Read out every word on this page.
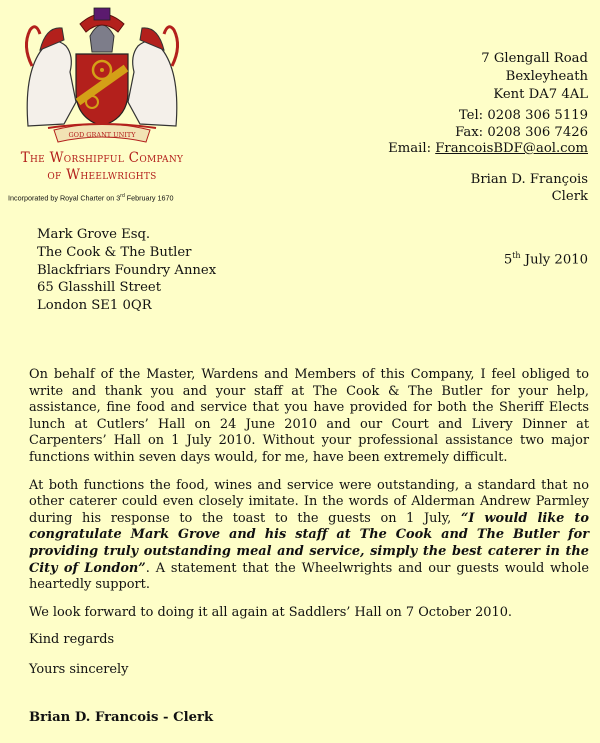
GOD GRANT UNITY
The Worshipful Company
of Wheelwrights
Incorporated by Royal Charter on 3rd February 1670
7 Glengall Road
Bexleyheath
Kent DA7 4AL
Tel: 0208 306 5119
Fax: 0208 306 7426
Email: FrancoisBDF@aol.com
Brian D. François
Clerk
Mark Grove Esq.
The Cook & The Butler
Blackfriars Foundry Annex
65 Glasshill Street
London SE1 0QR
5th July 2010

On behalf of the Master, Wardens and Members of this Company, I feel obliged to write and thank you and your staff at The Cook & The Butler for your help, assistance, fine food and service that you have provided for both the Sheriff Elects lunch at Cutlers’ Hall on 24 June 2010 and our Court and Livery Dinner at Carpenters’ Hall on 1 July 2010. Without your professional assistance two major functions within seven days would, for me, have been extremely difficult.

At both functions the food, wines and service were outstanding, a standard that no other caterer could even closely imitate. In the words of Alderman Andrew Parmley during his response to the toast to the guests on 1 July, “I would like to congratulate Mark Grove and his staff at The Cook and The Butler for providing truly outstanding meal and service, simply the best caterer in the City of London”. A statement that the Wheelwrights and our guests would whole heartedly support.

We look forward to doing it all again at Saddlers’ Hall on 7 October 2010.

Kind regards

Yours sincerely

Brian D. Francois - Clerk
